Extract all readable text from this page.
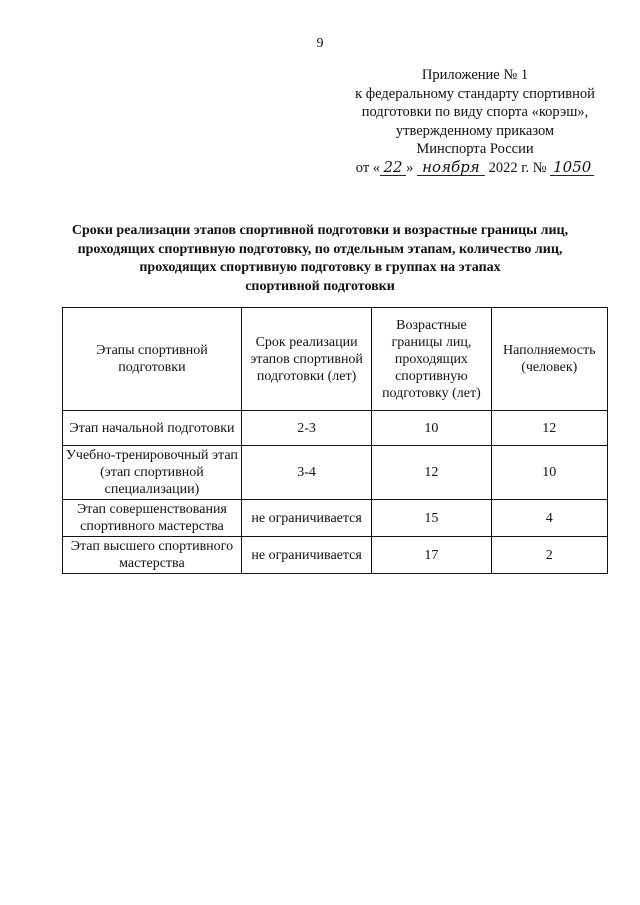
9
Приложение № 1
к федеральному стандарту спортивной
подготовки по виду спорта «корэш»,
утвержденному приказом
Минспорта России
от « 22 » ноября 2022 г. № 1050
Сроки реализации этапов спортивной подготовки и возрастные границы лиц,
проходящих спортивную подготовку, по отдельным этапам, количество лиц,
проходящих спортивную подготовку в группах на этапах
спортивной подготовки
Этапы спортивной подготовки	Срок реализации этапов спортивной подготовки (лет)	Возрастные границы лиц, проходящих спортивную подготовку (лет)	Наполняемость (человек)
Этап начальной подготовки	2-3	10	12
Учебно-тренировочный этап (этап спортивной специализации)	3-4	12	10
Этап совершенствования спортивного мастерства	не ограничивается	15	4
Этап высшего спортивного мастерства	не ограничивается	17	2
